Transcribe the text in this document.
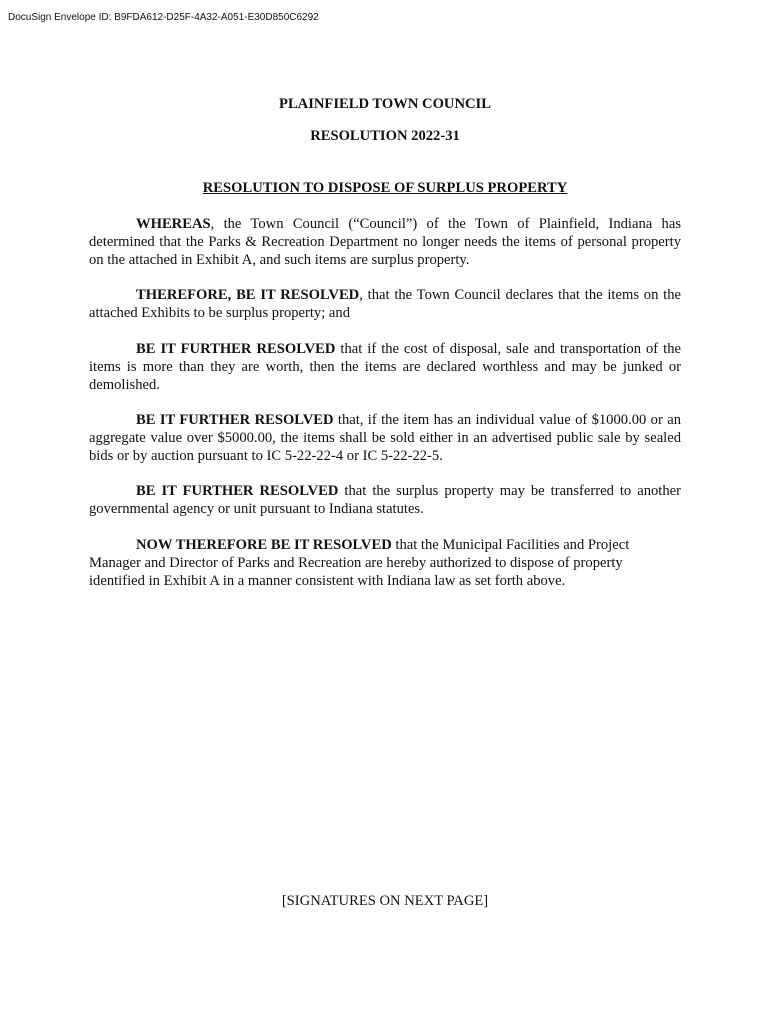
DocuSign Envelope ID: B9FDA612-D25F-4A32-A051-E30D850C6292
PLAINFIELD TOWN COUNCIL
RESOLUTION 2022-31
RESOLUTION TO DISPOSE OF SURPLUS PROPERTY

WHEREAS, the Town Council (“Council”) of the Town of Plainfield, Indiana has determined that the Parks & Recreation Department no longer needs the items of personal property on the attached in Exhibit A, and such items are surplus property.

THEREFORE, BE IT RESOLVED, that the Town Council declares that the items on the attached Exhibits to be surplus property; and

BE IT FURTHER RESOLVED that if the cost of disposal, sale and transportation of the items is more than they are worth, then the items are declared worthless and may be junked or demolished.

BE IT FURTHER RESOLVED that, if the item has an individual value of $1000.00 or an aggregate value over $5000.00, the items shall be sold either in an advertised public sale by sealed bids or by auction pursuant to IC 5-22-22-4 or IC 5-22-22-5.

BE IT FURTHER RESOLVED that the surplus property may be transferred to another governmental agency or unit pursuant to Indiana statutes.

NOW THEREFORE BE IT RESOLVED that the Municipal Facilities and Project Manager and Director of Parks and Recreation are hereby authorized to dispose of property identified in Exhibit A in a manner consistent with Indiana law as set forth above.

[SIGNATURES ON NEXT PAGE]
